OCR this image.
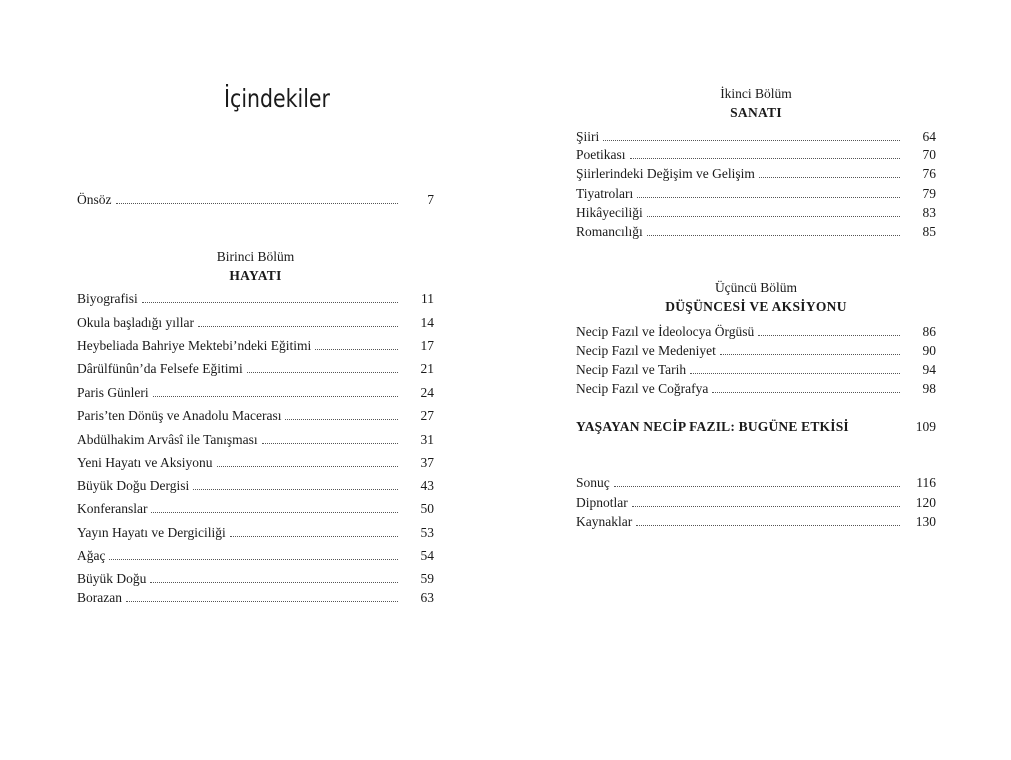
İçindekiler
Önsöz	7
Birinci Bölüm
HAYATI
Biyografisi	11
Okula başladığı yıllar	14
Heybeliada Bahriye Mektebi’ndeki Eğitimi	17
Dârülfünûn’da Felsefe Eğitimi	21
Paris Günleri	24
Paris’ten Dönüş ve Anadolu Macerası	27
Abdülhakim Arvâsî ile Tanışması	31
Yeni Hayatı ve Aksiyonu	37
Büyük Doğu Dergisi	43
Konferanslar	50
Yayın Hayatı ve Dergiciliği	53
Ağaç	54
Büyük Doğu	59
Borazan	63
İkinci Bölüm
SANATI
Şiiri	64
Poetikası	70
Şiirlerindeki Değişim ve Gelişim	76
Tiyatroları	79
Hikâyeciliği	83
Romancılığı	85
Üçüncü Bölüm
DÜŞÜNCESİ VE AKSİYONU
Necip Fazıl ve İdeolocya Örgüsü	86
Necip Fazıl ve Medeniyet	90
Necip Fazıl ve Tarih	94
Necip Fazıl ve Coğrafya	98
YAŞAYAN NECİP FAZIL: BUGÜNE ETKİSİ	109
Sonuç	116
Dipnotlar	120
Kaynaklar	130
